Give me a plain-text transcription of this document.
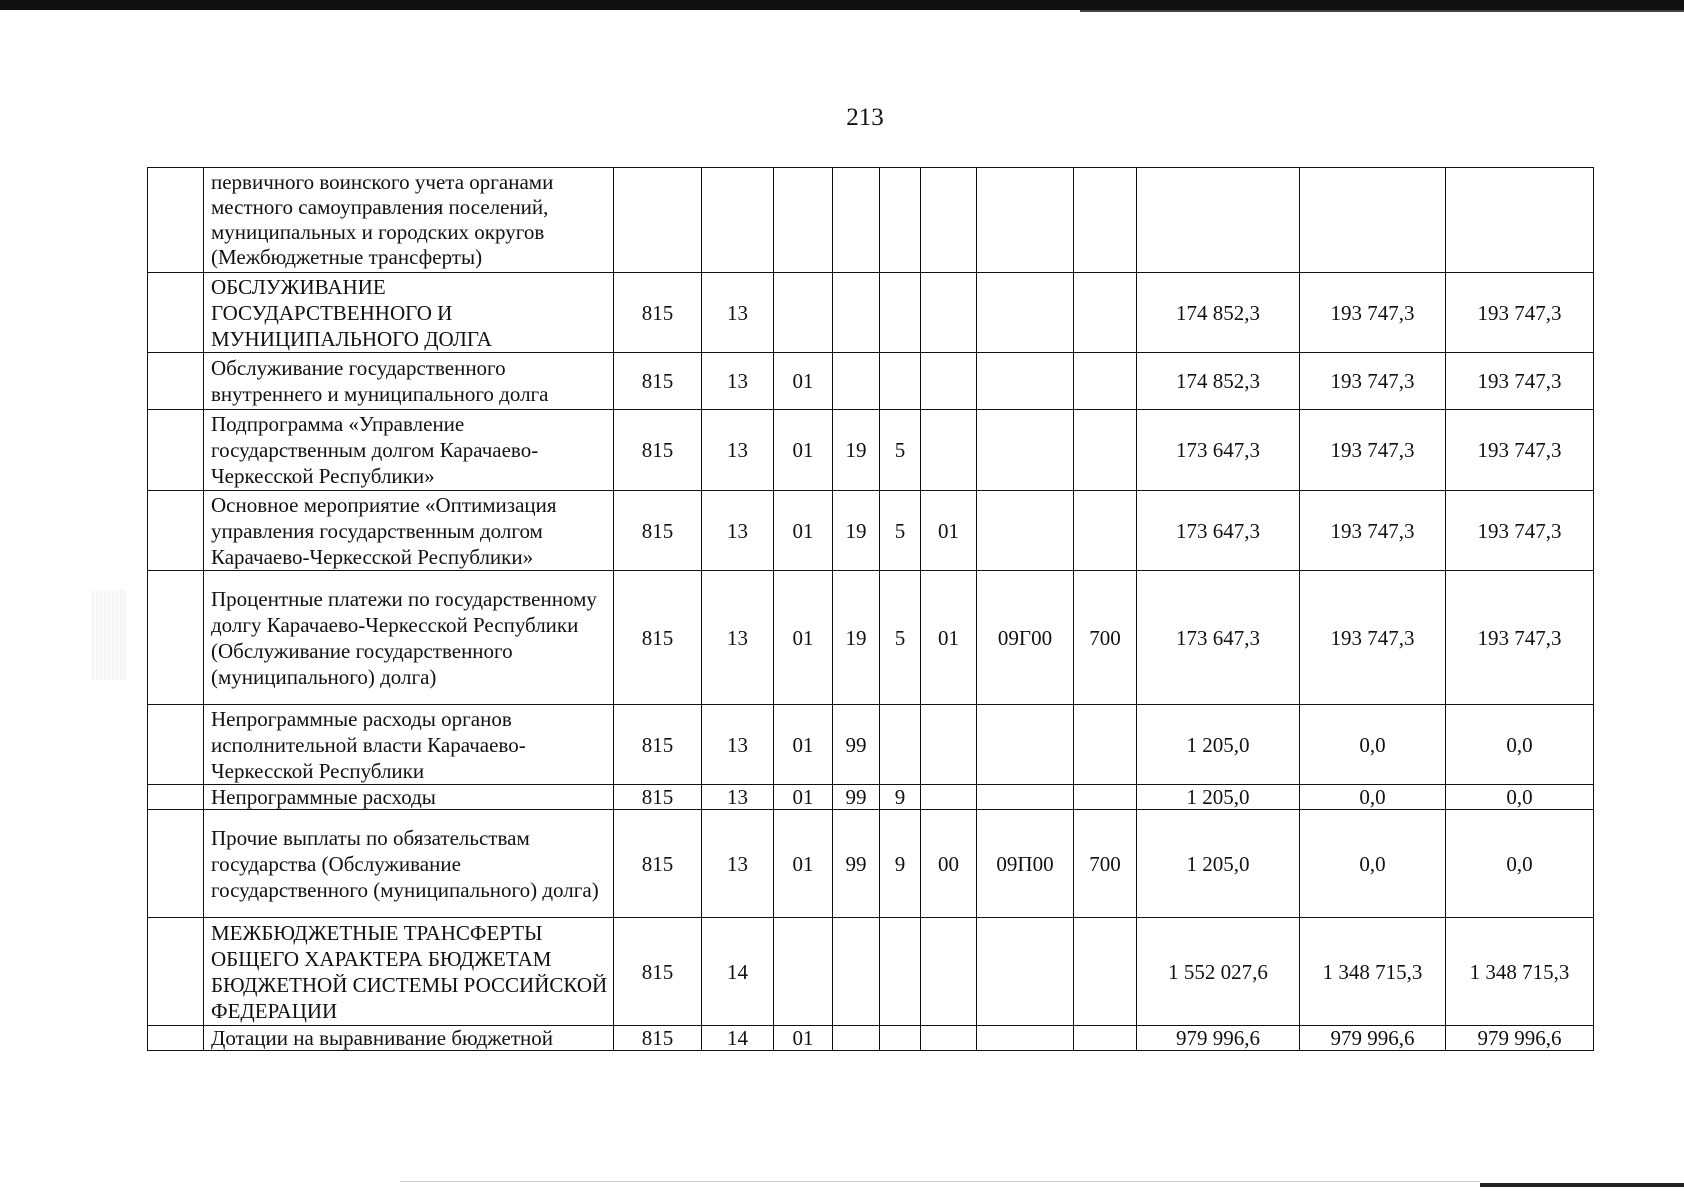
213
	первичного воинского учета органами местного самоуправления поселений, муниципальных и городских округов (Межбюджетные трансферты)											
	ОБСЛУЖИВАНИЕ ГОСУДАРСТВЕННОГО И МУНИЦИПАЛЬНОГО ДОЛГА	815	13							174 852,3	193 747,3	193 747,3
	Обслуживание государственного внутреннего и муниципального долга	815	13	01						174 852,3	193 747,3	193 747,3
	Подпрограмма «Управление государственным долгом Карачаево-Черкесской Республики»	815	13	01	19	5				173 647,3	193 747,3	193 747,3
	Основное мероприятие «Оптимизация управления государственным долгом Карачаево-Черкесской Республики»	815	13	01	19	5	01			173 647,3	193 747,3	193 747,3
	Процентные платежи по государственному долгу Карачаево-Черкесской Республики (Обслуживание государственного (муниципального) долга)	815	13	01	19	5	01	09Г00	700	173 647,3	193 747,3	193 747,3
	Непрограммные расходы органов исполнительной власти Карачаево-Черкесской Республики	815	13	01	99					1 205,0	0,0	0,0
	Непрограммные расходы	815	13	01	99	9				1 205,0	0,0	0,0
	Прочие выплаты по обязательствам государства (Обслуживание государственного (муниципального) долга)	815	13	01	99	9	00	09П00	700	1 205,0	0,0	0,0
	МЕЖБЮДЖЕТНЫЕ ТРАНСФЕРТЫ ОБЩЕГО ХАРАКТЕРА БЮДЖЕТАМ БЮДЖЕТНОЙ СИСТЕМЫ РОССИЙСКОЙ ФЕДЕРАЦИИ	815	14							1 552 027,6	1 348 715,3	1 348 715,3
	Дотации на выравнивание бюджетной	815	14	01						979 996,6	979 996,6	979 996,6
